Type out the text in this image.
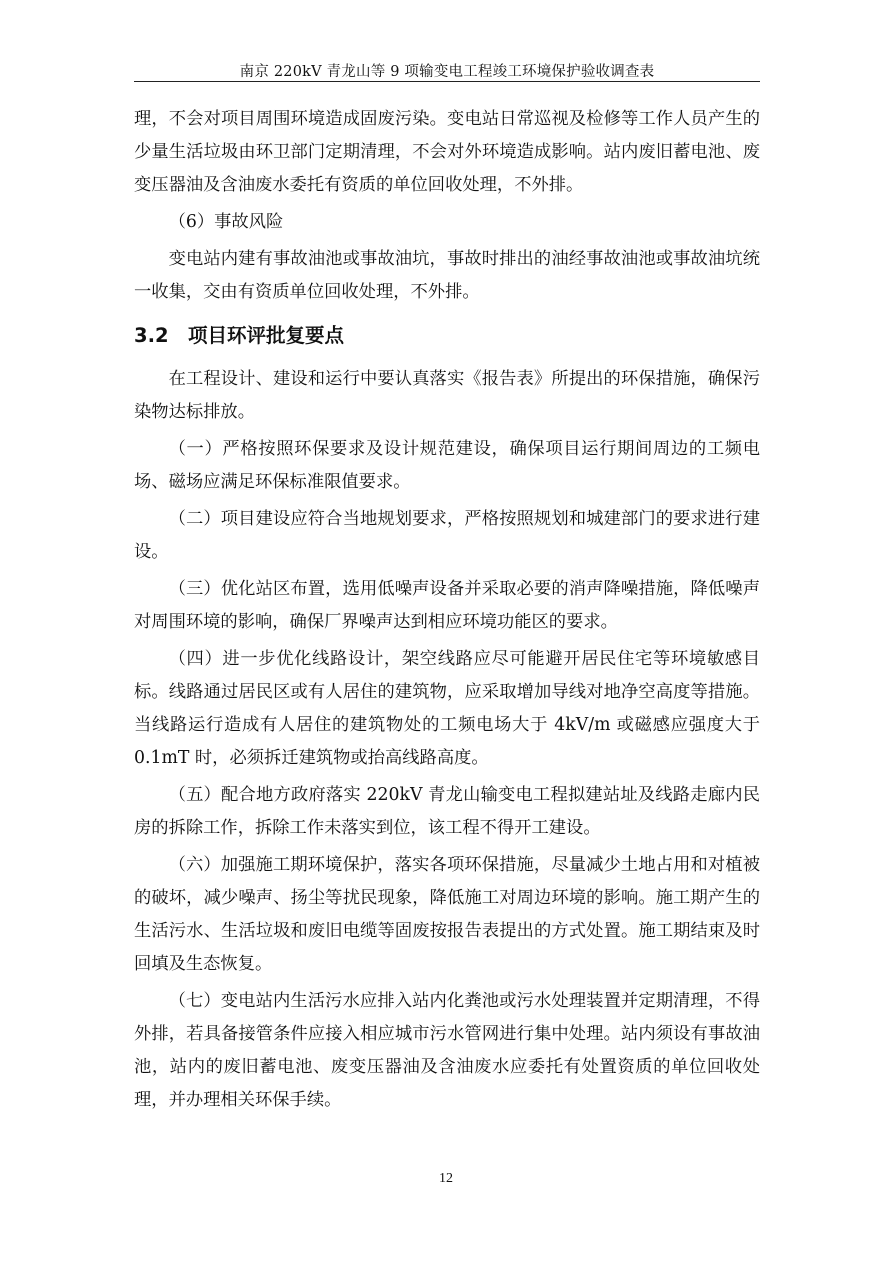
南京 220kV 青龙山等 9 项输变电工程竣工环境保护验收调查表

理，不会对项目周围环境造成固废污染。变电站日常巡视及检修等工作人员产生的少量生活垃圾由环卫部门定期清理，不会对外环境造成影响。站内废旧蓄电池、废变压器油及含油废水委托有资质的单位回收处理，不外排。

（6）事故风险

变电站内建有事故油池或事故油坑，事故时排出的油经事故油池或事故油坑统一收集，交由有资质单位回收处理，不外排。

3.2 项目环评批复要点

在工程设计、建设和运行中要认真落实《报告表》所提出的环保措施，确保污染物达标排放。

（一）严格按照环保要求及设计规范建设，确保项目运行期间周边的工频电场、磁场应满足环保标准限值要求。

（二）项目建设应符合当地规划要求，严格按照规划和城建部门的要求进行建设。

（三）优化站区布置，选用低噪声设备并采取必要的消声降噪措施，降低噪声对周围环境的影响，确保厂界噪声达到相应环境功能区的要求。

（四）进一步优化线路设计，架空线路应尽可能避开居民住宅等环境敏感目标。线路通过居民区或有人居住的建筑物，应采取增加导线对地净空高度等措施。当线路运行造成有人居住的建筑物处的工频电场大于 4kV/m 或磁感应强度大于 0.1mT 时，必须拆迁建筑物或抬高线路高度。

（五）配合地方政府落实 220kV 青龙山输变电工程拟建站址及线路走廊内民房的拆除工作，拆除工作未落实到位，该工程不得开工建设。

（六）加强施工期环境保护，落实各项环保措施，尽量减少土地占用和对植被的破坏，减少噪声、扬尘等扰民现象，降低施工对周边环境的影响。施工期产生的生活污水、生活垃圾和废旧电缆等固废按报告表提出的方式处置。施工期结束及时回填及生态恢复。

（七）变电站内生活污水应排入站内化粪池或污水处理装置并定期清理，不得外排，若具备接管条件应接入相应城市污水管网进行集中处理。站内须设有事故油池，站内的废旧蓄电池、废变压器油及含油废水应委托有处置资质的单位回收处理，并办理相关环保手续。

12
